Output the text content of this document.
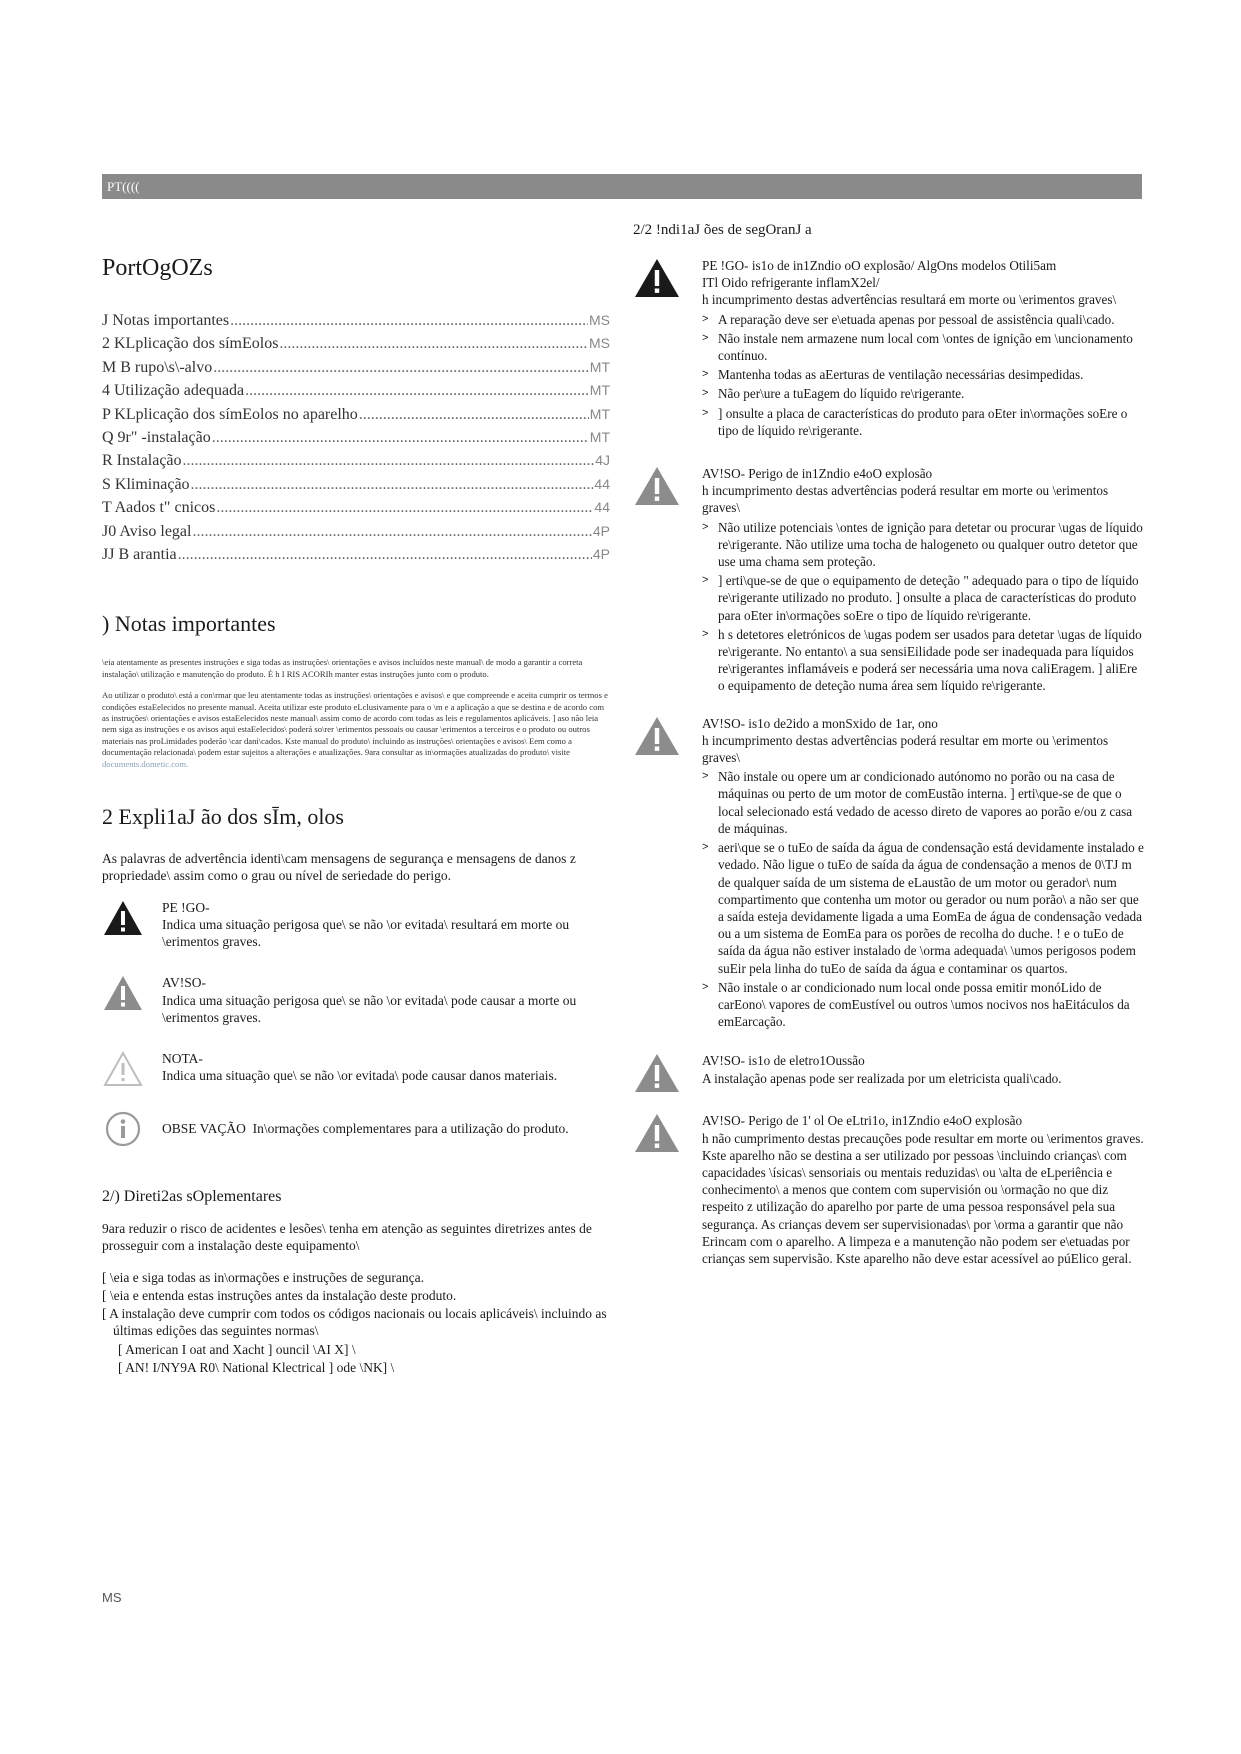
PT((((
PortOgOZs
J Notas importantes .....	MS
2 KLplicação dos símEolos .....	MS
M B rupo\s\-alvo .....	MT
4 Utilização adequada .....	MT
P KLplicação dos símEolos no aparelho .....	MT
Q 9r" -instalação .....	MT
R Instalação .....	4J
S Kliminação .....	44
T Aados t" cnicos .....	44
J0 Aviso legal .....	4P
JJ B arantia .....	4P
) Notas importantes

\eia atentamente as presentes instruções e siga todas as instruções\ orientações e avisos incluídos neste manual\ de modo a garantir a correta instalação\ utilização e manutenção do produto. É h I RIS ACORIh manter estas instruções junto com o produto.

Ao utilizar o produto\ está a con\rmar que leu atentamente todas as instruções\ orientações e avisos\ e que compreende e aceita cumprir os termos e condições estaEelecidos no presente manual. Aceita utilizar este produto eLclusivamente para o \m e a aplicação a que se destina e de acordo com as instruções\ orientações e avisos estaEelecidos neste manual\ assim como de acordo com todas as leis e regulamentos aplicáveis. ] aso não leia nem siga as instruções e os avisos aqui estaEelecidos\ poderá so\rer \erimentos pessoais ou causar \erimentos a terceiros e o produto ou outros materiais nas proLimidades poderão \car dani\cados. Kste manual do produto\ incluindo as instruções\ orientações e avisos\ Eem como a documentação relacionada\ podem estar sujeitos a alterações e atualizações. 9ara consultar as in\ormações atualizadas do produto\ visite documents.dometic.com.

2 Expli1aJ ão dos sĪm, olos

As palavras de advertência identi\cam mensagens de segurança e mensagens de danos z propriedade\ assim como o grau ou nível de seriedade do perigo.

PE !GO-
Indica uma situação perigosa que\ se não \or evitada\ resultará em morte ou \erimentos graves.
AV!SO-
Indica uma situação perigosa que\ se não \or evitada\ pode causar a morte ou \erimentos graves.
NOTA-
Indica uma situação que\ se não \or evitada\ pode causar danos materiais.
OBSE VAÇÃO In\ormações complementares para a utilização do produto.
2/) Direti2as sOplementares

9ara reduzir o risco de acidentes e lesões\ tenha em atenção as seguintes diretrizes antes de prosseguir com a instalação deste equipamento\

[ \eia e siga todas as in\ormações e instruções de segurança.
[ \eia e entenda estas instruções antes da instalação deste produto.
[ A instalação deve cumprir com todos os códigos nacionais ou locais aplicáveis\ incluindo as últimas edições das seguintes normas\
[ American I oat and Xacht ] ouncil \AI X] \
[ AN! I/NY9A R0\ National Klectrical ] ode \NK] \
2/2 !ndi1aJ ões de segOranJ a
PE !GO- is1o de in1Zndio oO explosão/ AlgOns modelos Otili5am
ITl Oido refrigerante inflamX2el/
h incumprimento destas advertências resultará em morte ou \erimentos graves\
> A reparação deve ser e\etuada apenas por pessoal de assistência quali\cado.
> Não instale nem armazene num local com \ontes de ignição em \uncionamento contínuo.
> Mantenha todas as aEerturas de ventilação necessárias desimpedidas.
> Não per\ure a tuEagem do líquido re\rigerante.
> ] onsulte a placa de características do produto para oEter in\ormações soEre o tipo de líquido re\rigerante.
AV!SO- Perigo de in1Zndio e4oO explosão
h incumprimento destas advertências poderá resultar em morte ou \erimentos graves\
> Não utilize potenciais \ontes de ignição para detetar ou procurar \ugas de líquido re\rigerante. Não utilize uma tocha de halogeneto ou qualquer outro detetor que use uma chama sem proteção.
> ] erti\que-se de que o equipamento de deteção " adequado para o tipo de líquido re\rigerante utilizado no produto. ] onsulte a placa de características do produto para oEter in\ormações soEre o tipo de líquido re\rigerante.
> h s detetores eletrónicos de \ugas podem ser usados para detetar \ugas de líquido re\rigerante. No entanto\ a sua sensiEilidade pode ser inadequada para líquidos re\rigerantes inflamáveis e poderá ser necessária uma nova caliEragem. ] aliEre o equipamento de deteção numa área sem líquido re\rigerante.
AV!SO- is1o de2ido a monSxido de 1ar, ono
h incumprimento destas advertências poderá resultar em morte ou \erimentos graves\
> Não instale ou opere um ar condicionado autónomo no porão ou na casa de máquinas ou perto de um motor de comEustão interna. ] erti\que-se de que o local selecionado está vedado de acesso direto de vapores ao porão e/ou z casa de máquinas.
> aeri\que se o tuEo de saída da água de condensação está devidamente instalado e vedado. Não ligue o tuEo de saída da água de condensação a menos de 0\TJ m de qualquer saída de um sistema de eLaustão de um motor ou gerador\ num compartimento que contenha um motor ou gerador ou num porão\ a não ser que a saída esteja devidamente ligada a uma EomEa de água de condensação vedada ou a um sistema de EomEa para os porões de recolha do duche. ! e o tuEo de saída da água não estiver instalado de \orma adequada\ \umos perigosos podem suEir pela linha do tuEo de saída da água e contaminar os quartos.
> Não instale o ar condicionado num local onde possa emitir monóLido de carEono\ vapores de comEustível ou outros \umos nocivos nos haEitáculos da emEarcação.
AV!SO- is1o de eletro1Oussão
A instalação apenas pode ser realizada por um eletricista quali\cado.
AV!SO- Perigo de 1' ol Oe eLtri1o, in1Zndio e4oO explosão
h não cumprimento destas precauções pode resultar em morte ou \erimentos graves.
Kste aparelho não se destina a ser utilizado por pessoas \incluindo crianças\ com capacidades \ísicas\ sensoriais ou mentais reduzidas\ ou \alta de eLperiência e conhecimento\ a menos que contem com supervisión ou \ormação no que diz respeito z utilização do aparelho por parte de uma pessoa responsável pela sua segurança. As crianças devem ser supervisionadas\ por \orma a garantir que não Erincam com o aparelho. A limpeza e a manutenção não podem ser e\etuadas por crianças sem supervisão. Kste aparelho não deve estar acessível ao púElico geral.
MS
